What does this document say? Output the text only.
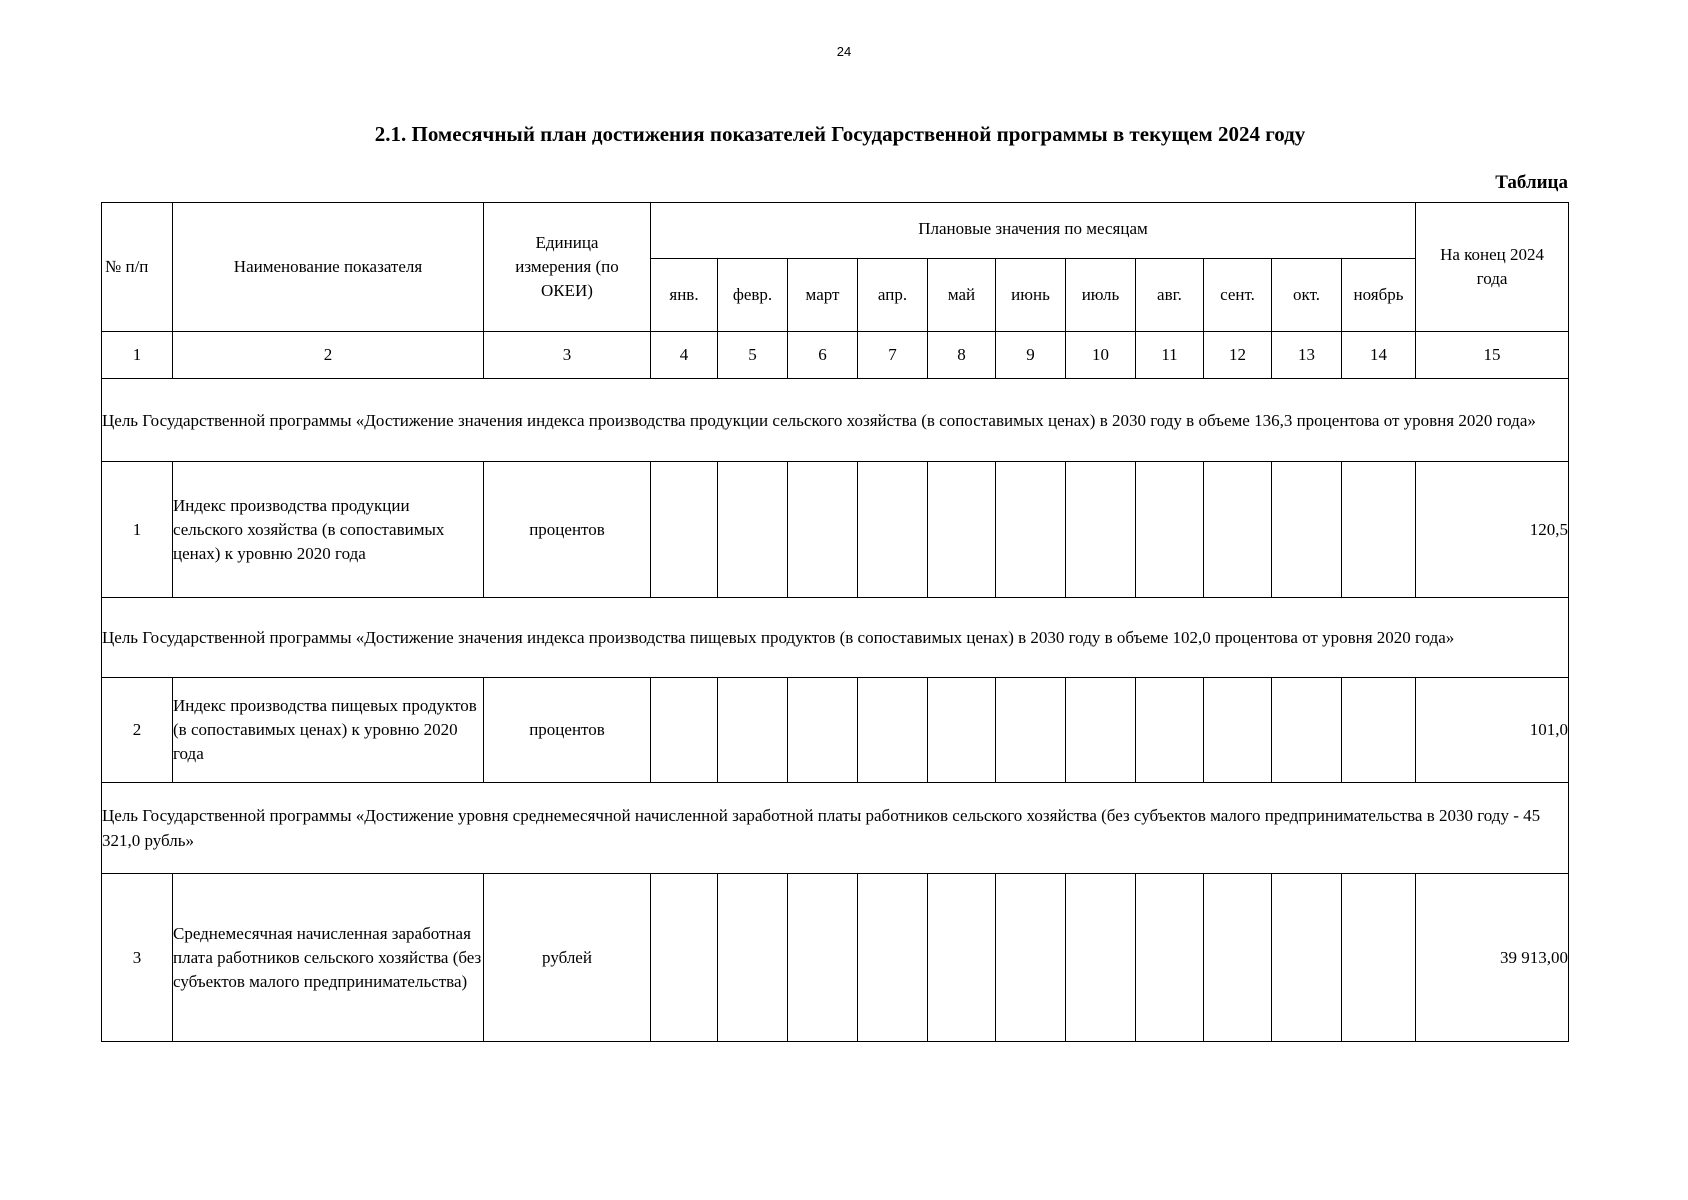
24
2.1. Помесячный план достижения показателей Государственной программы в текущем 2024 году
Таблица
№ п/п	Наименование показателя	Единица измерения (по ОКЕИ)	Плановые значения по месяцам											На конец 2024 года

			янв.	февр.	март	апр.	май	июнь	июль	авг.	сент.	окт.	ноябрь	
1	2	3	4	5	6	7	8	9	10	11	12	13	14	15
Цель Государственной программы «Достижение значения индекса производства продукции сельского хозяйства (в сопоставимых ценах) в 2030 году в объеме 136,3 процентова от уровня 2020 года»														
1	Индекс производства продукции сельского хозяйства (в сопоставимых ценах) к уровню 2020 года	процентов												120,5
Цель Государственной программы «Достижение значения индекса производства пищевых продуктов (в сопоставимых ценах) в 2030 году в объеме 102,0 процентова от уровня 2020 года»														
2	Индекс производства пищевых продуктов (в сопоставимых ценах) к уровню 2020 года	процентов												101,0
Цель Государственной программы «Достижение уровня среднемесячной начисленной заработной платы работников сельского хозяйства (без субъектов малого предпринимательства в 2030 году - 45 321,0 рубль»														
3	Среднемесячная начисленная заработная плата работников сельского хозяйства (без субъектов малого предпринимательства)	рублей												39 913,00
